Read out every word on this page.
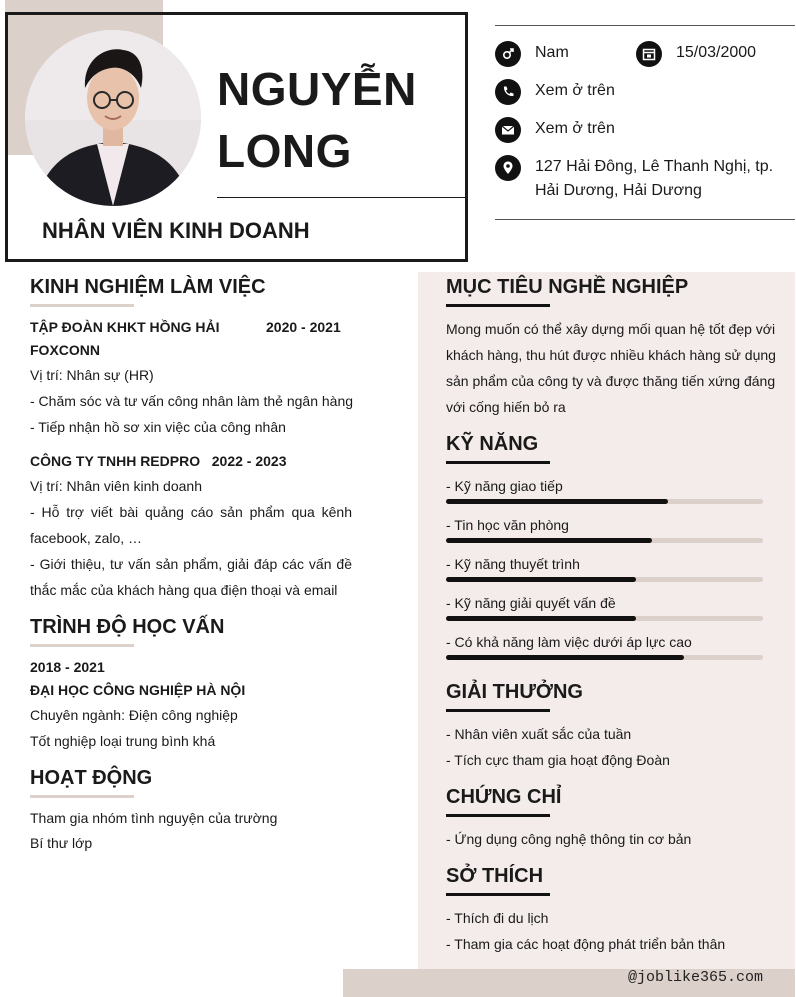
NGUYỄN
LONG
NHÂN VIÊN KINH DOANH
Nam	15/03/2000
Xem ở trên
Xem ở trên
127 Hải Đông, Lê Thanh Nghị, tp.
Hải Dương, Hải Dương
KINH NGHIỆM LÀM VIỆC
TẬP ĐOÀN KHKT HỒNG HẢI	2020 - 2021
FOXCONN
Vị trí: Nhân sự (HR)
- Chăm sóc và tư vấn công nhân làm thẻ ngân hàng
- Tiếp nhận hồ sơ xin việc của công nhân
CÔNG TY TNHH REDPRO 2022 - 2023
Vị trí: Nhân viên kinh doanh
- Hỗ trợ viết bài quảng cáo sản phẩm qua kênh facebook, zalo, …
- Giới thiệu, tư vấn sản phẩm, giải đáp các vấn đề thắc mắc của khách hàng qua điện thoại và email
TRÌNH ĐỘ HỌC VẤN
2018 - 2021
ĐẠI HỌC CÔNG NGHIỆP HÀ NỘI
Chuyên ngành: Điện công nghiệp
Tốt nghiệp loại trung bình khá
HOẠT ĐỘNG
Tham gia nhóm tình nguyện của trường
Bí thư lớp
MỤC TIÊU NGHỀ NGHIỆP
Mong muốn có thể xây dựng mối quan hệ tốt đẹp với khách hàng, thu hút được nhiều khách hàng sử dụng sản phẩm của công ty và được thăng tiến xứng đáng với cống hiến bỏ ra
KỸ NĂNG
- Kỹ năng giao tiếp
- Tin học văn phòng
- Kỹ năng thuyết trình
- Kỹ năng giải quyết vấn đề
- Có khả năng làm việc dưới áp lực cao
GIẢI THƯỞNG
- Nhân viên xuất sắc của tuần
- Tích cực tham gia hoạt động Đoàn
CHỨNG CHỈ
- Ứng dụng công nghệ thông tin cơ bản
SỞ THÍCH
- Thích đi du lịch
- Tham gia các hoạt động phát triển bản thân
@joblike365.com
